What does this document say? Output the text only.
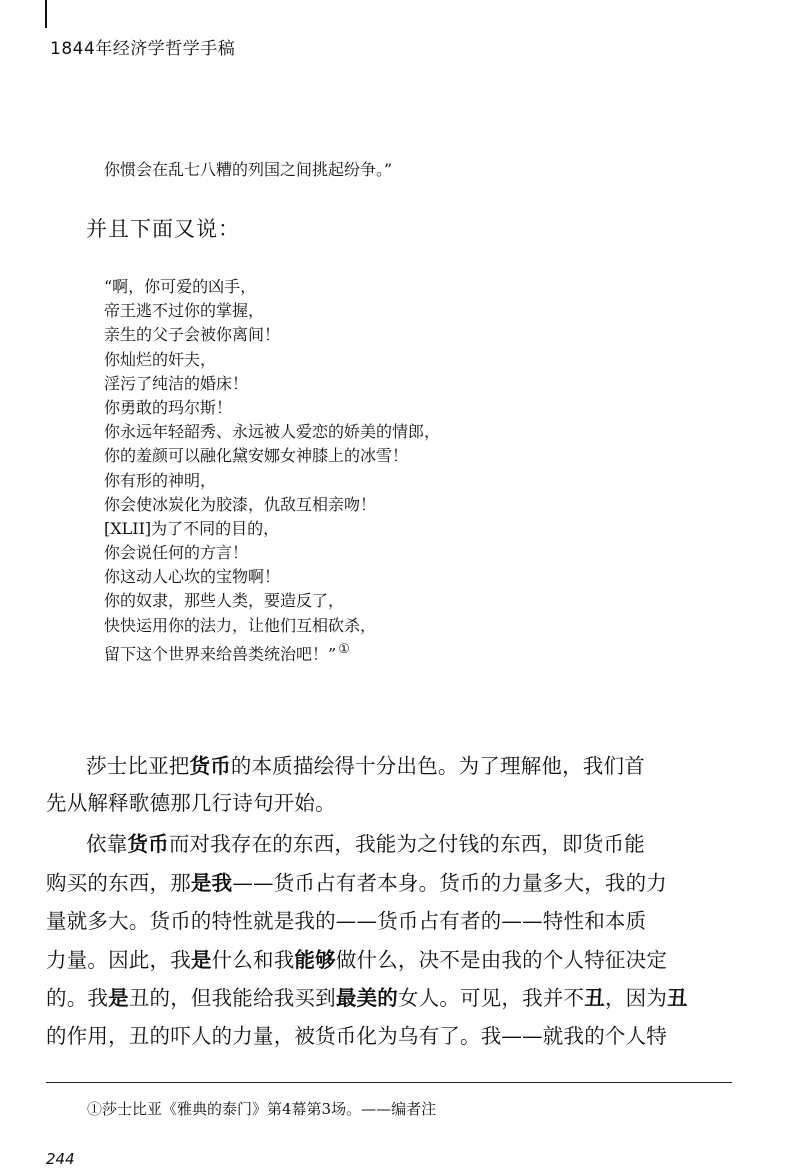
1844年经济学哲学手稿
你惯会在乱七八糟的列国之间挑起纷争。”
并且下面又说：
“啊，你可爱的凶手，
帝王逃不过你的掌握，
亲生的父子会被你离间！
你灿烂的奸夫，
淫污了纯洁的婚床！
你勇敢的玛尔斯！
你永远年轻韶秀、永远被人爱恋的娇美的情郎，
你的羞颜可以融化黛安娜女神膝上的冰雪！
你有形的神明，
你会使冰炭化为胶漆，仇敌互相亲吻！
[XLII]为了不同的目的，
你会说任何的方言！
你这动人心坎的宝物啊！
你的奴隶，那些人类，要造反了，
快快运用你的法力，让他们互相砍杀，
留下这个世界来给兽类统治吧！” ①
莎士比亚把货币的本质描绘得十分出色。为了理解他，我们首
先从解释歌德那几行诗句开始。
依靠货币而对我存在的东西，我能为之付钱的东西，即货币能
购买的东西，那是我——货币占有者本身。货币的力量多大，我的力
量就多大。货币的特性就是我的——货币占有者的——特性和本质
力量。因此，我是什么和我能够做什么，决不是由我的个人特征决定
的。我是丑的，但我能给我买到最美的女人。可见，我并不丑，因为丑
的作用，丑的吓人的力量，被货币化为乌有了。我——就我的个人特
①莎士比亚《雅典的泰门》第4幕第3场。——编者注
244
